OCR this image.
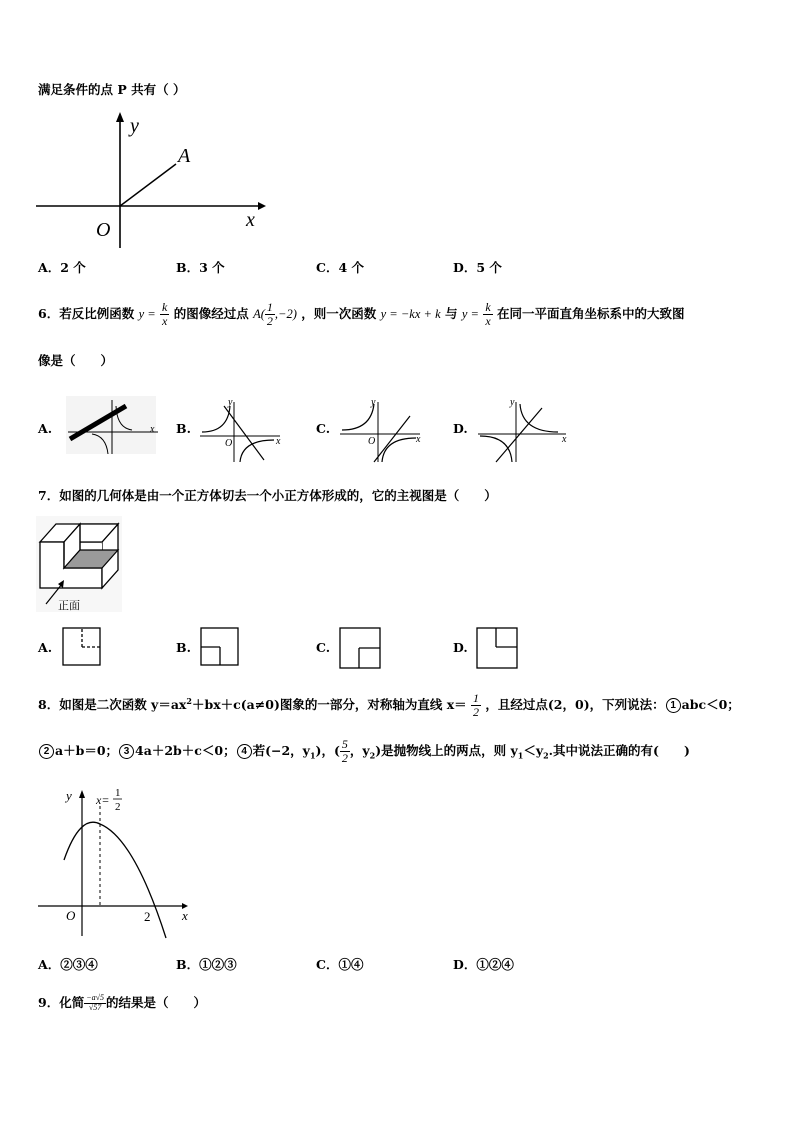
满足条件的点 P 共有（ ）
y
x
O
A
A．2 个	B．3 个	C．4 个	D．5 个
6．若反比例函数 $y = \frac{k}{x}$ 的图像经过点 $A( \frac{1}{2} ,-2)$ ，则一次函数 y = −kx + k 与 $y = \frac{k}{x}$ 在同一平面直角坐标系中的大致图
像是（　　）
A.	x B.
y
x
O
C.
y
x
O
D.
y
x
7．如图的几何体是由一个正方体切去一个小正方体形成的，它的主视图是（　　）
正面
A.	B.	C.	D.
8．如图是二次函数 $y=ax^2+bx+c(a\ne 0)$图象的一部分，对称轴为直线 $x= \frac{1}{2}$ ，且经过点(2，0)，下列说法： 1 abc＜0；
2 a＋b＝0； 3 4a＋2b＋c＜0； 4 若(−2，$y_1$)，( $\frac{5}{2}$ ，$y_2$)是抛物线上的两点，则 $y_1<y_2$.其中说法正确的有(　　)
y
x
O	2
x= 1
2
A．②③④	B．①②③	C．①④	D．①②④
9．化简 $\frac{-a√5}{√57}$ 的结果是（　　）
